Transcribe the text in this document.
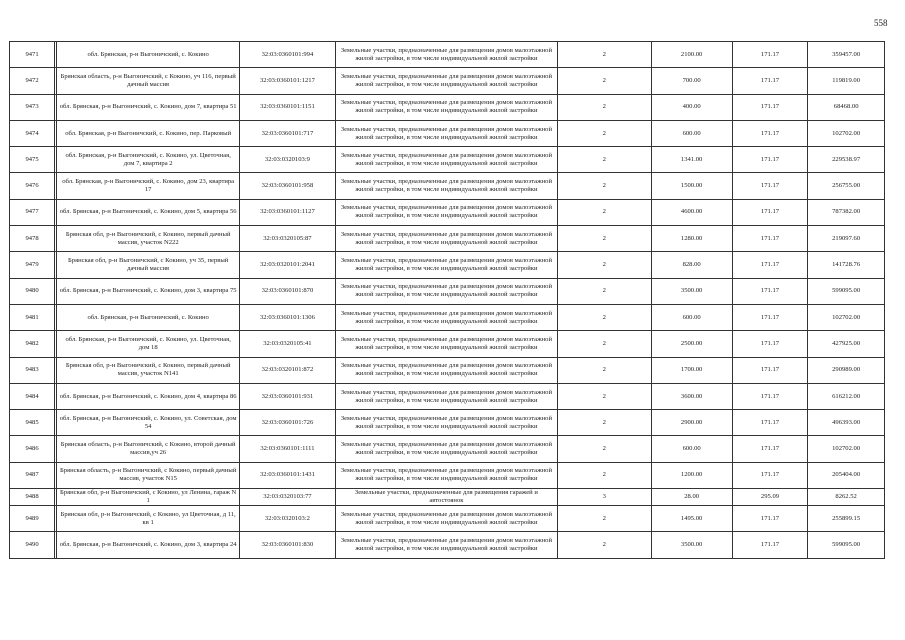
558
9471		обл. Брянская, р-н Выгоничский, с. Кокино	32:03:0360101:994	Земельные участки, предназначенные для размещения домов малоэтажной жилой застройки, в том числе индивидуальной жилой застройки	2	2100.00	171.17	359457.00
9472		Брянская область, р-н Выгоничский, с Кокино, уч 116, первый дачный массив	32:03:0360101:1217	Земельные участки, предназначенные для размещения домов малоэтажной жилой застройки, в том числе индивидуальной жилой застройки	2	700.00	171.17	119819.00
9473		обл. Брянская, р-н Выгоничский, с. Кокино, дом 7, квартира 51	32:03:0360101:1151	Земельные участки, предназначенные для размещения домов малоэтажной жилой застройки, в том числе индивидуальной жилой застройки	2	400.00	171.17	68468.00
9474		обл. Брянская, р-н Выгоничский, с. Кокино, пер. Парковый	32:03:0360101:717	Земельные участки, предназначенные для размещения домов малоэтажной жилой застройки, в том числе индивидуальной жилой застройки	2	600.00	171.17	102702.00
9475		обл. Брянская, р-н Выгоничский, с. Кокино, ул. Цветочная, дом 7, квартира 2	32:03:0320103:9	Земельные участки, предназначенные для размещения домов малоэтажной жилой застройки, в том числе индивидуальной жилой застройки	2	1341.00	171.17	229538.97
9476		обл. Брянская, р-н Выгоничский, с. Кокино, дом 23, квартира 17	32:03:0360101:958	Земельные участки, предназначенные для размещения домов малоэтажной жилой застройки, в том числе индивидуальной жилой застройки	2	1500.00	171.17	256755.00
9477		обл. Брянская, р-н Выгоничский, с. Кокино, дом 5, квартира 56	32:03:0360101:1127	Земельные участки, предназначенные для размещения домов малоэтажной жилой застройки, в том числе индивидуальной жилой застройки	2	4600.00	171.17	787382.00
9478		Брянская обл, р-н Выгоничский, с Кокино, первый дачный массив, участок N222	32:03:0320105:87	Земельные участки, предназначенные для размещения домов малоэтажной жилой застройки, в том числе индивидуальной жилой застройки	2	1280.00	171.17	219097.60
9479		Брянская обл, р-н Выгоничский, с Кокино, уч 35, первый дачный массив	32:03:0320101:2041	Земельные участки, предназначенные для размещения домов малоэтажной жилой застройки, в том числе индивидуальной жилой застройки	2	828.00	171.17	141728.76
9480		обл. Брянская, р-н Выгоничский, с. Кокино, дом 3, квартира 75	32:03:0360101:870	Земельные участки, предназначенные для размещения домов малоэтажной жилой застройки, в том числе индивидуальной жилой застройки	2	3500.00	171.17	599095.00
9481		обл. Брянская, р-н Выгоничский, с. Кокино	32:03:0360101:1306	Земельные участки, предназначенные для размещения домов малоэтажной жилой застройки, в том числе индивидуальной жилой застройки	2	600.00	171.17	102702.00
9482		обл. Брянская, р-н Выгоничский, с. Кокино, ул. Цветочная, дом 18	32:03:0320105:41	Земельные участки, предназначенные для размещения домов малоэтажной жилой застройки, в том числе индивидуальной жилой застройки	2	2500.00	171.17	427925.00
9483		Брянская обл, р-н Выгоничский, с Кокино, первый дачный массив, участок N141	32:03:0320101:872	Земельные участки, предназначенные для размещения домов малоэтажной жилой застройки, в том числе индивидуальной жилой застройки	2	1700.00	171.17	290989.00
9484		обл. Брянская, р-н Выгоничский, с. Кокино, дом 4, квартира 86	32:03:0360101:931	Земельные участки, предназначенные для размещения домов малоэтажной жилой застройки, в том числе индивидуальной жилой застройки	2	3600.00	171.17	616212.00
9485		обл. Брянская, р-н Выгоничский, с. Кокино, ул. Советская, дом 54	32:03:0360101:726	Земельные участки, предназначенные для размещения домов малоэтажной жилой застройки, в том числе индивидуальной жилой застройки	2	2900.00	171.17	496393.00
9486		Брянская область, р-н Выгоничский, с Кокино, второй дачный массив,уч 26	32:03:0360101:1111	Земельные участки, предназначенные для размещения домов малоэтажной жилой застройки, в том числе индивидуальной жилой застройки	2	600.00	171.17	102702.00
9487		Брянская область, р-н Выгоничский, с Кокино, первый дачный массив, участок N15	32:03:0360101:1431	Земельные участки, предназначенные для размещения домов малоэтажной жилой застройки, в том числе индивидуальной жилой застройки	2	1200.00	171.17	205404.00
9488		Брянская обл, р-н Выгоничский, с Кокино, ул Ленина, гараж N 1	32:03:0320103:77	Земельные участки, предназначенные для размещения гаражей и автостоянок	3	28.00	295.09	8262.52
9489		Брянская обл, р-н Выгоничский, с Кокино, ул Цветочная, д 11, кв 1	32:03:0320103:2	Земельные участки, предназначенные для размещения домов малоэтажной жилой застройки, в том числе индивидуальной жилой застройки	2	1495.00	171.17	255899.15
9490		обл. Брянская, р-н Выгоничский, с. Кокино, дом 3, квартира 24	32:03:0360101:830	Земельные участки, предназначенные для размещения домов малоэтажной жилой застройки, в том числе индивидуальной жилой застройки	2	3500.00	171.17	599095.00
